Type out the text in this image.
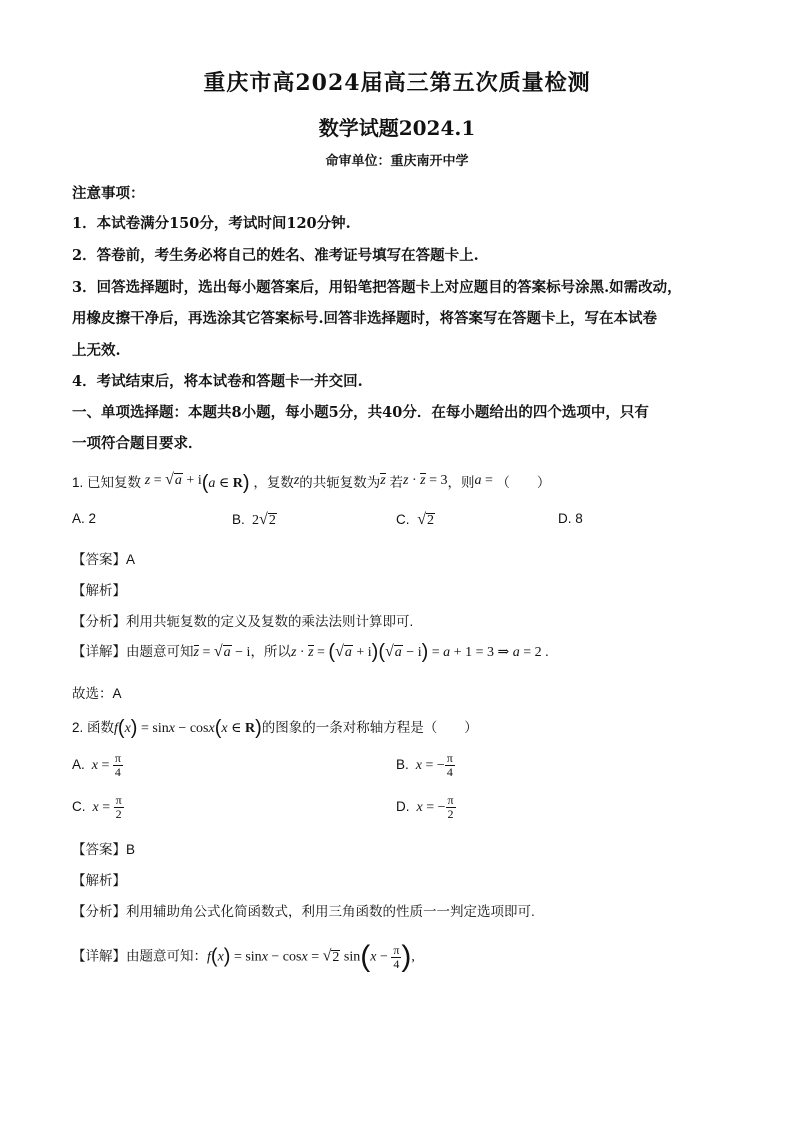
重庆市高2024届高三第五次质量检测
数学试题2024.1
命审单位：重庆南开中学
注意事项：
1．本试卷满分150分，考试时间120分钟.
2．答卷前，考生务必将自己的姓名、准考证号填写在答题卡上.
3．回答选择题时，选出每小题答案后，用铅笔把答题卡上对应题目的答案标号涂黑.如需改动，
用橡皮擦干净后，再选涂其它答案标号.回答非选择题时，将答案写在答题卡上，写在本试卷
上无效.
4．考试结束后，将本试卷和答题卡一并交回.
一、单项选择题：本题共8小题，每小题5分，共40分．在每小题给出的四个选项中，只有
一项符合题目要求．
1. 已知复数 z = √a + i(a ∈ R) ，复数z的共轭复数为z 若z · z = 3，则a = （　　）
A. 2	B.  2√2	C.  √2	D. 8
【答案】A
【解析】
【分析】利用共轭复数的定义及复数的乘法法则计算即可.
【详解】由题意可知z = √a − i，所以z · z = (√a + i)(√a − i) = a + 1 = 3 ⇒ a = 2 .
故选：A
2. 函数f(x) = sinx − cosx(x ∈ R)的图象的一条对称轴方程是（　　）
A.  $x = \frac{\pi}{4}$	B.  x = − $\frac{\pi}{4}$
C.  $x = \frac{\pi}{2}$	D.  x = − $\frac{\pi}{2}$
【答案】B
【解析】
【分析】利用辅助角公式化简函数式，利用三角函数的性质一一判定选项即可.
【详解】由题意可知：f(x) = sinx − cosx = √2 $\sin(x - \frac{\pi}{4}$ ),
